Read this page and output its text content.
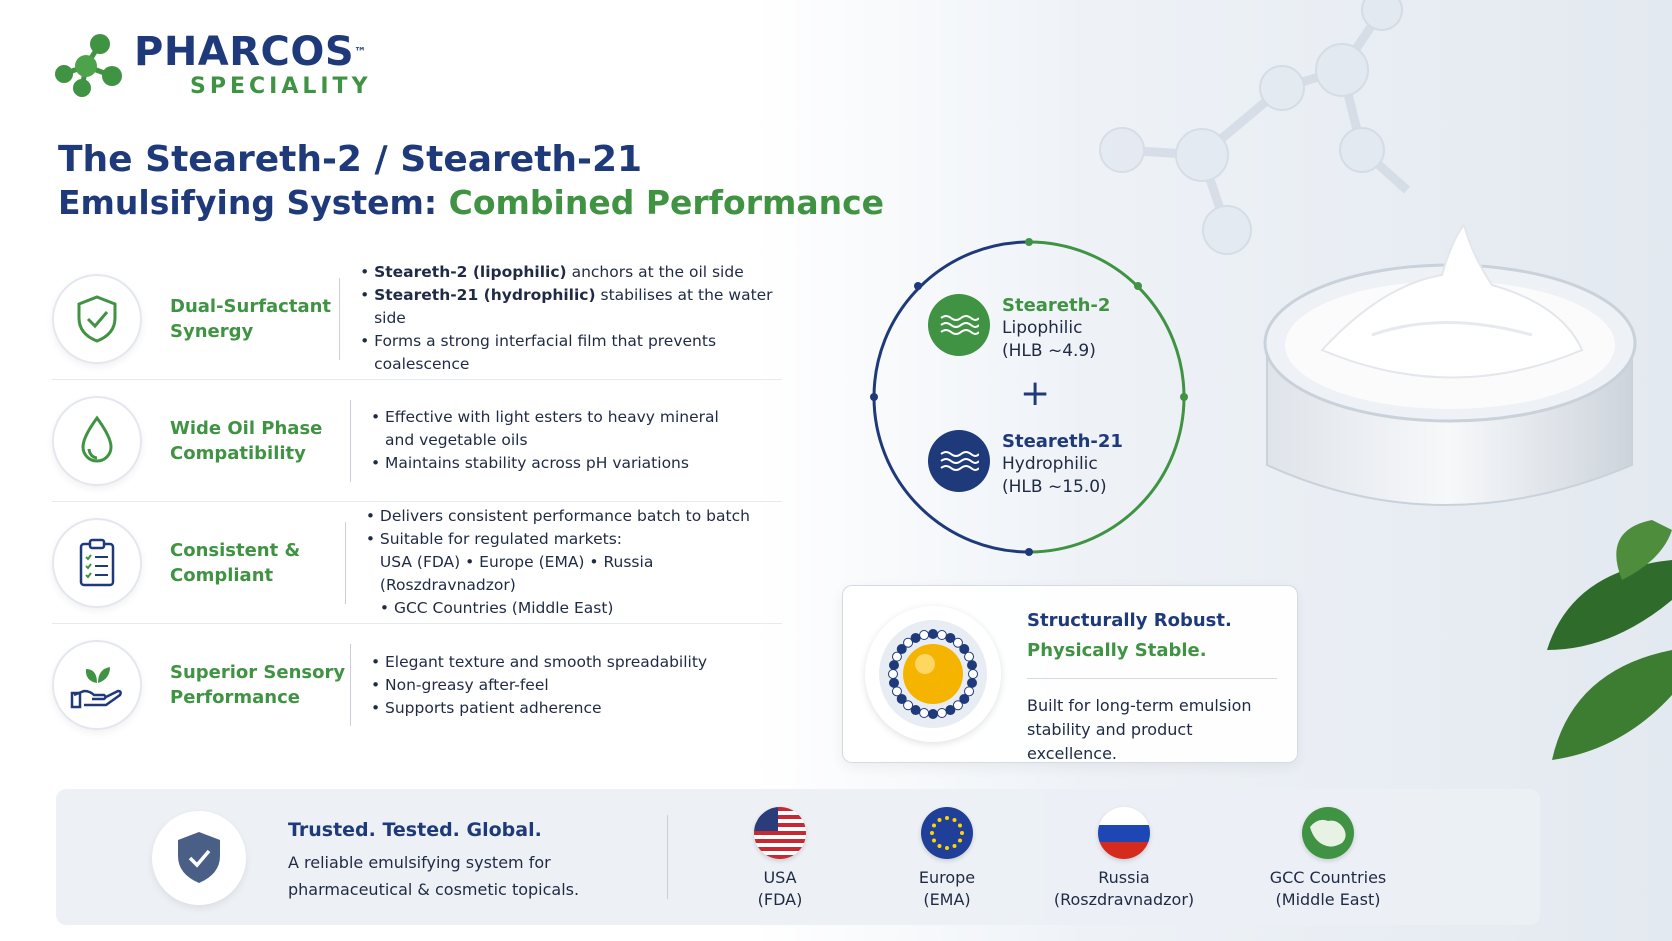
PHARCOS™
SPECIALITY
The Steareth-2 / Steareth-21
Emulsifying System: Combined Performance
Dual-Surfactant
Synergy
• Steareth-2 (lipophilic) anchors at the oil side
• Steareth-21 (hydrophilic) stabilises at the water side
• Forms a strong interfacial film that prevents
coalescence
Wide Oil Phase
Compatibility
• Effective with light esters to heavy mineral
and vegetable oils
• Maintains stability across pH variations
Consistent &
Compliant
• Delivers consistent performance batch to batch
• Suitable for regulated markets:
USA (FDA) • Europe (EMA) • Russia (Roszdravnadzor)
• GCC Countries (Middle East)
Superior Sensory
Performance
• Elegant texture and smooth spreadability
• Non-greasy after-feel
• Supports patient adherence
Steareth-2
Lipophilic
(HLB ~4.9)
+
Steareth-21
Hydrophilic
(HLB ~15.0)
Structurally Robust.
Physically Stable.
Built for long-term emulsion stability and product excellence.
Trusted. Tested. Global.
A reliable emulsifying system for pharmaceutical & cosmetic topicals.
USA
(FDA)
Europe
(EMA)
Russia
(Roszdravnadzor)
GCC Countries
(Middle East)
